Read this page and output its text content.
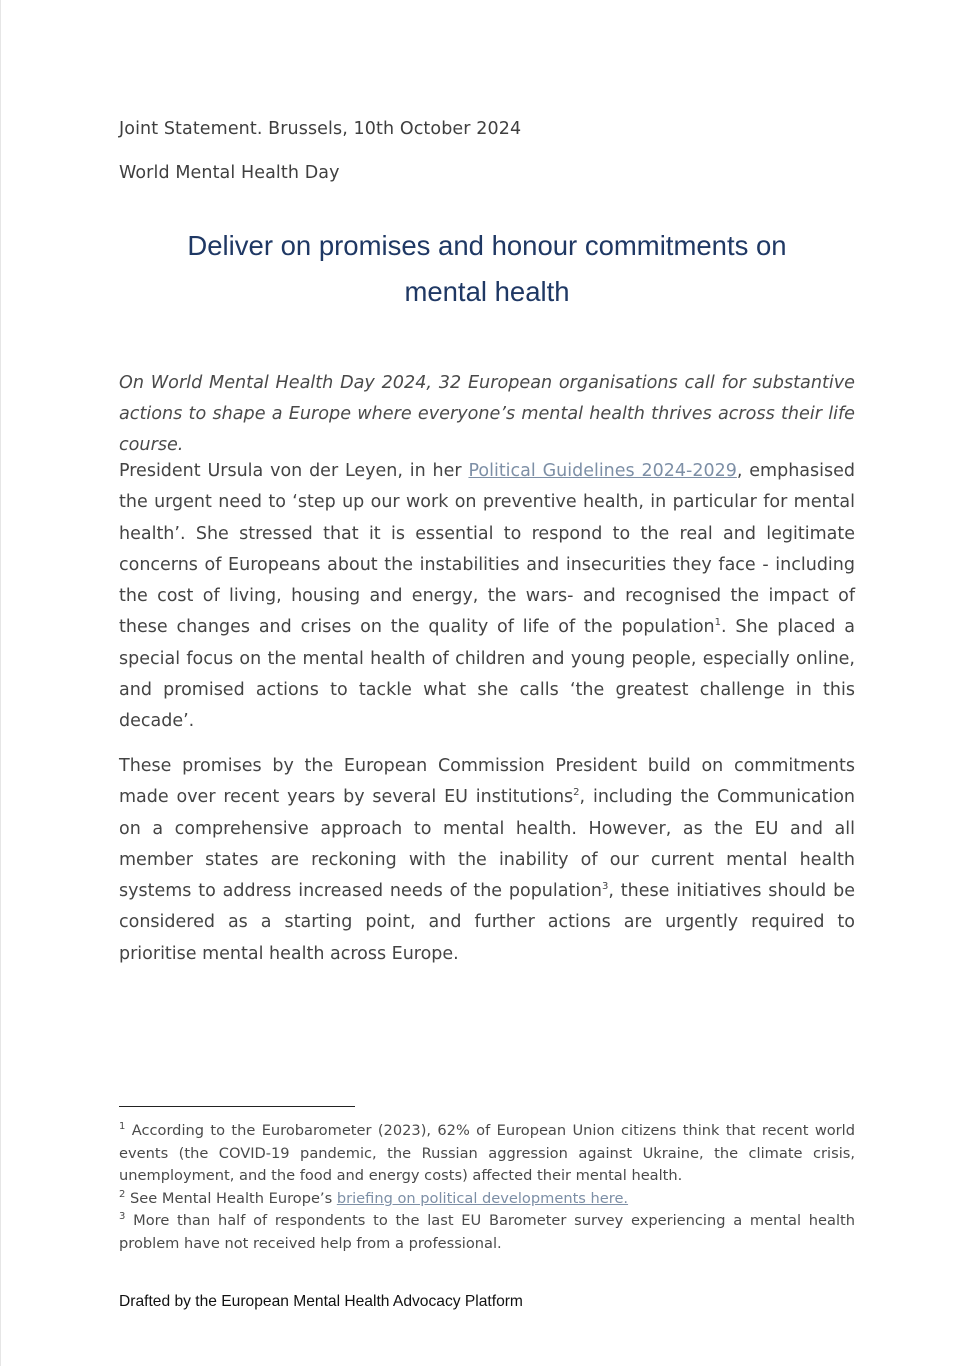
Joint Statement. Brussels, 10th October 2024
World Mental Health Day
Deliver on promises and honour commitments on
mental health

On World Mental Health Day 2024, 32 European organisations call for substantive actions to shape a Europe where everyone’s mental health thrives across their life course.

President Ursula von der Leyen, in her Political Guidelines 2024-2029, emphasised the urgent need to ‘step up our work on preventive health, in particular for mental health’. She stressed that it is essential to respond to the real and legitimate concerns of Europeans about the instabilities and insecurities they face - including the cost of living, housing and energy, the wars- and recognised the impact of these changes and crises on the quality of life of the population$^1$. She placed a special focus on the mental health of children and young people, especially online, and promised actions to tackle what she calls ‘the greatest challenge in this decade’.

These promises by the European Commission President build on commitments made over recent years by several EU institutions$^2$, including the Communication on a comprehensive approach to mental health. However, as the EU and all member states are reckoning with the inability of our current mental health systems to address increased needs of the population$^3$, these initiatives should be considered as a starting point, and further actions are urgently required to prioritise mental health across Europe.

$^1$ According to the Eurobarometer (2023), 62% of European Union citizens think that recent world events (the COVID-19 pandemic, the Russian aggression against Ukraine, the climate crisis, unemployment, and the food and energy costs) affected their mental health.

$^2$ See Mental Health Europe’s briefing on political developments here.

$^3$ More than half of respondents to the last EU Barometer survey experiencing a mental health problem have not received help from a professional.

Drafted by the European Mental Health Advocacy Platform
